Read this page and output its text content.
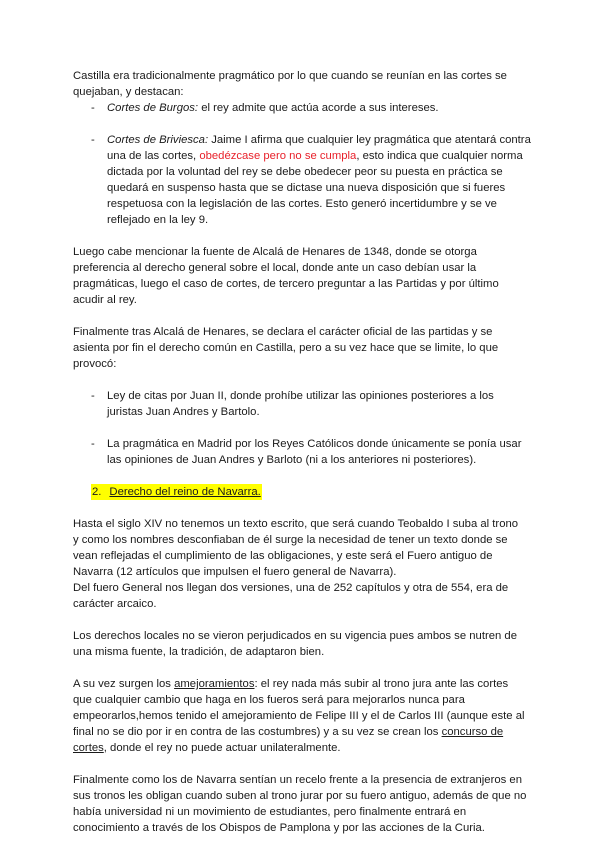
Castilla era tradicionalmente pragmático por lo que cuando se reunían en las cortes se
quejaban, y destacan:

- Cortes de Burgos: el rey admite que actúa acorde a sus intereses.
- Cortes de Briviesca: Jaime I afirma que cualquier ley pragmática que atentará contra una de las cortes, obedézcase pero no se cumpla, esto indica que cualquier norma dictada por la voluntad del rey se debe obedecer peor su puesta en práctica se quedará en suspenso hasta que se dictase una nueva disposición que si fueres respetuosa con la legislación de las cortes. Esto generó incertidumbre y se ve reflejado en la ley 9.

Luego cabe mencionar la fuente de Alcalá de Henares de 1348, donde se otorga preferencia al derecho general sobre el local, donde ante un caso debían usar la pragmáticas, luego el caso de cortes, de tercero preguntar a las Partidas y por último acudir al rey.

Finalmente tras Alcalá de Henares, se declara el carácter oficial de las partidas y se asienta por fin el derecho común en Castilla, pero a su vez hace que se limite, lo que provocó:

- Ley de citas por Juan II, donde prohíbe utilizar las opiniones posteriores a los juristas Juan Andres y Bartolo.
- La pragmática en Madrid por los Reyes Católicos donde únicamente se ponía usar las opiniones de Juan Andres y Barloto (ni a los anteriores ni posteriores).
2. Derecho del reino de Navarra.

Hasta el siglo XIV no tenemos un texto escrito, que será cuando Teobaldo I suba al trono y como los nombres desconfiaban de él surge la necesidad de tener un texto donde se vean reflejadas el cumplimiento de las obligaciones, y este será el Fuero antiguo de Navarra (12 artículos que impulsen el fuero general de Navarra).
Del fuero General nos llegan dos versiones, una de 252 capítulos y otra de 554, era de carácter arcaico.

Los derechos locales no se vieron perjudicados en su vigencia pues ambos se nutren de una misma fuente, la tradición, de adaptaron bien.

A su vez surgen los amejoramientos: el rey nada más subir al trono jura ante las cortes que cualquier cambio que haga en los fueros será para mejorarlos nunca para empeorarlos,hemos tenido el amejoramiento de Felipe III y el de Carlos III (aunque este al final no se dio por ir en contra de las costumbres) y a su vez se crean los concurso de cortes, donde el rey no puede actuar unilateralmente.

Finalmente como los de Navarra sentían un recelo frente a la presencia de extranjeros en sus tronos les obligan cuando suben al trono jurar por su fuero antiguo, además de que no había universidad ni un movimiento de estudiantes, pero finalmente entrará en conocimiento a través de los Obispos de Pamplona y por las acciones de la Curia.
